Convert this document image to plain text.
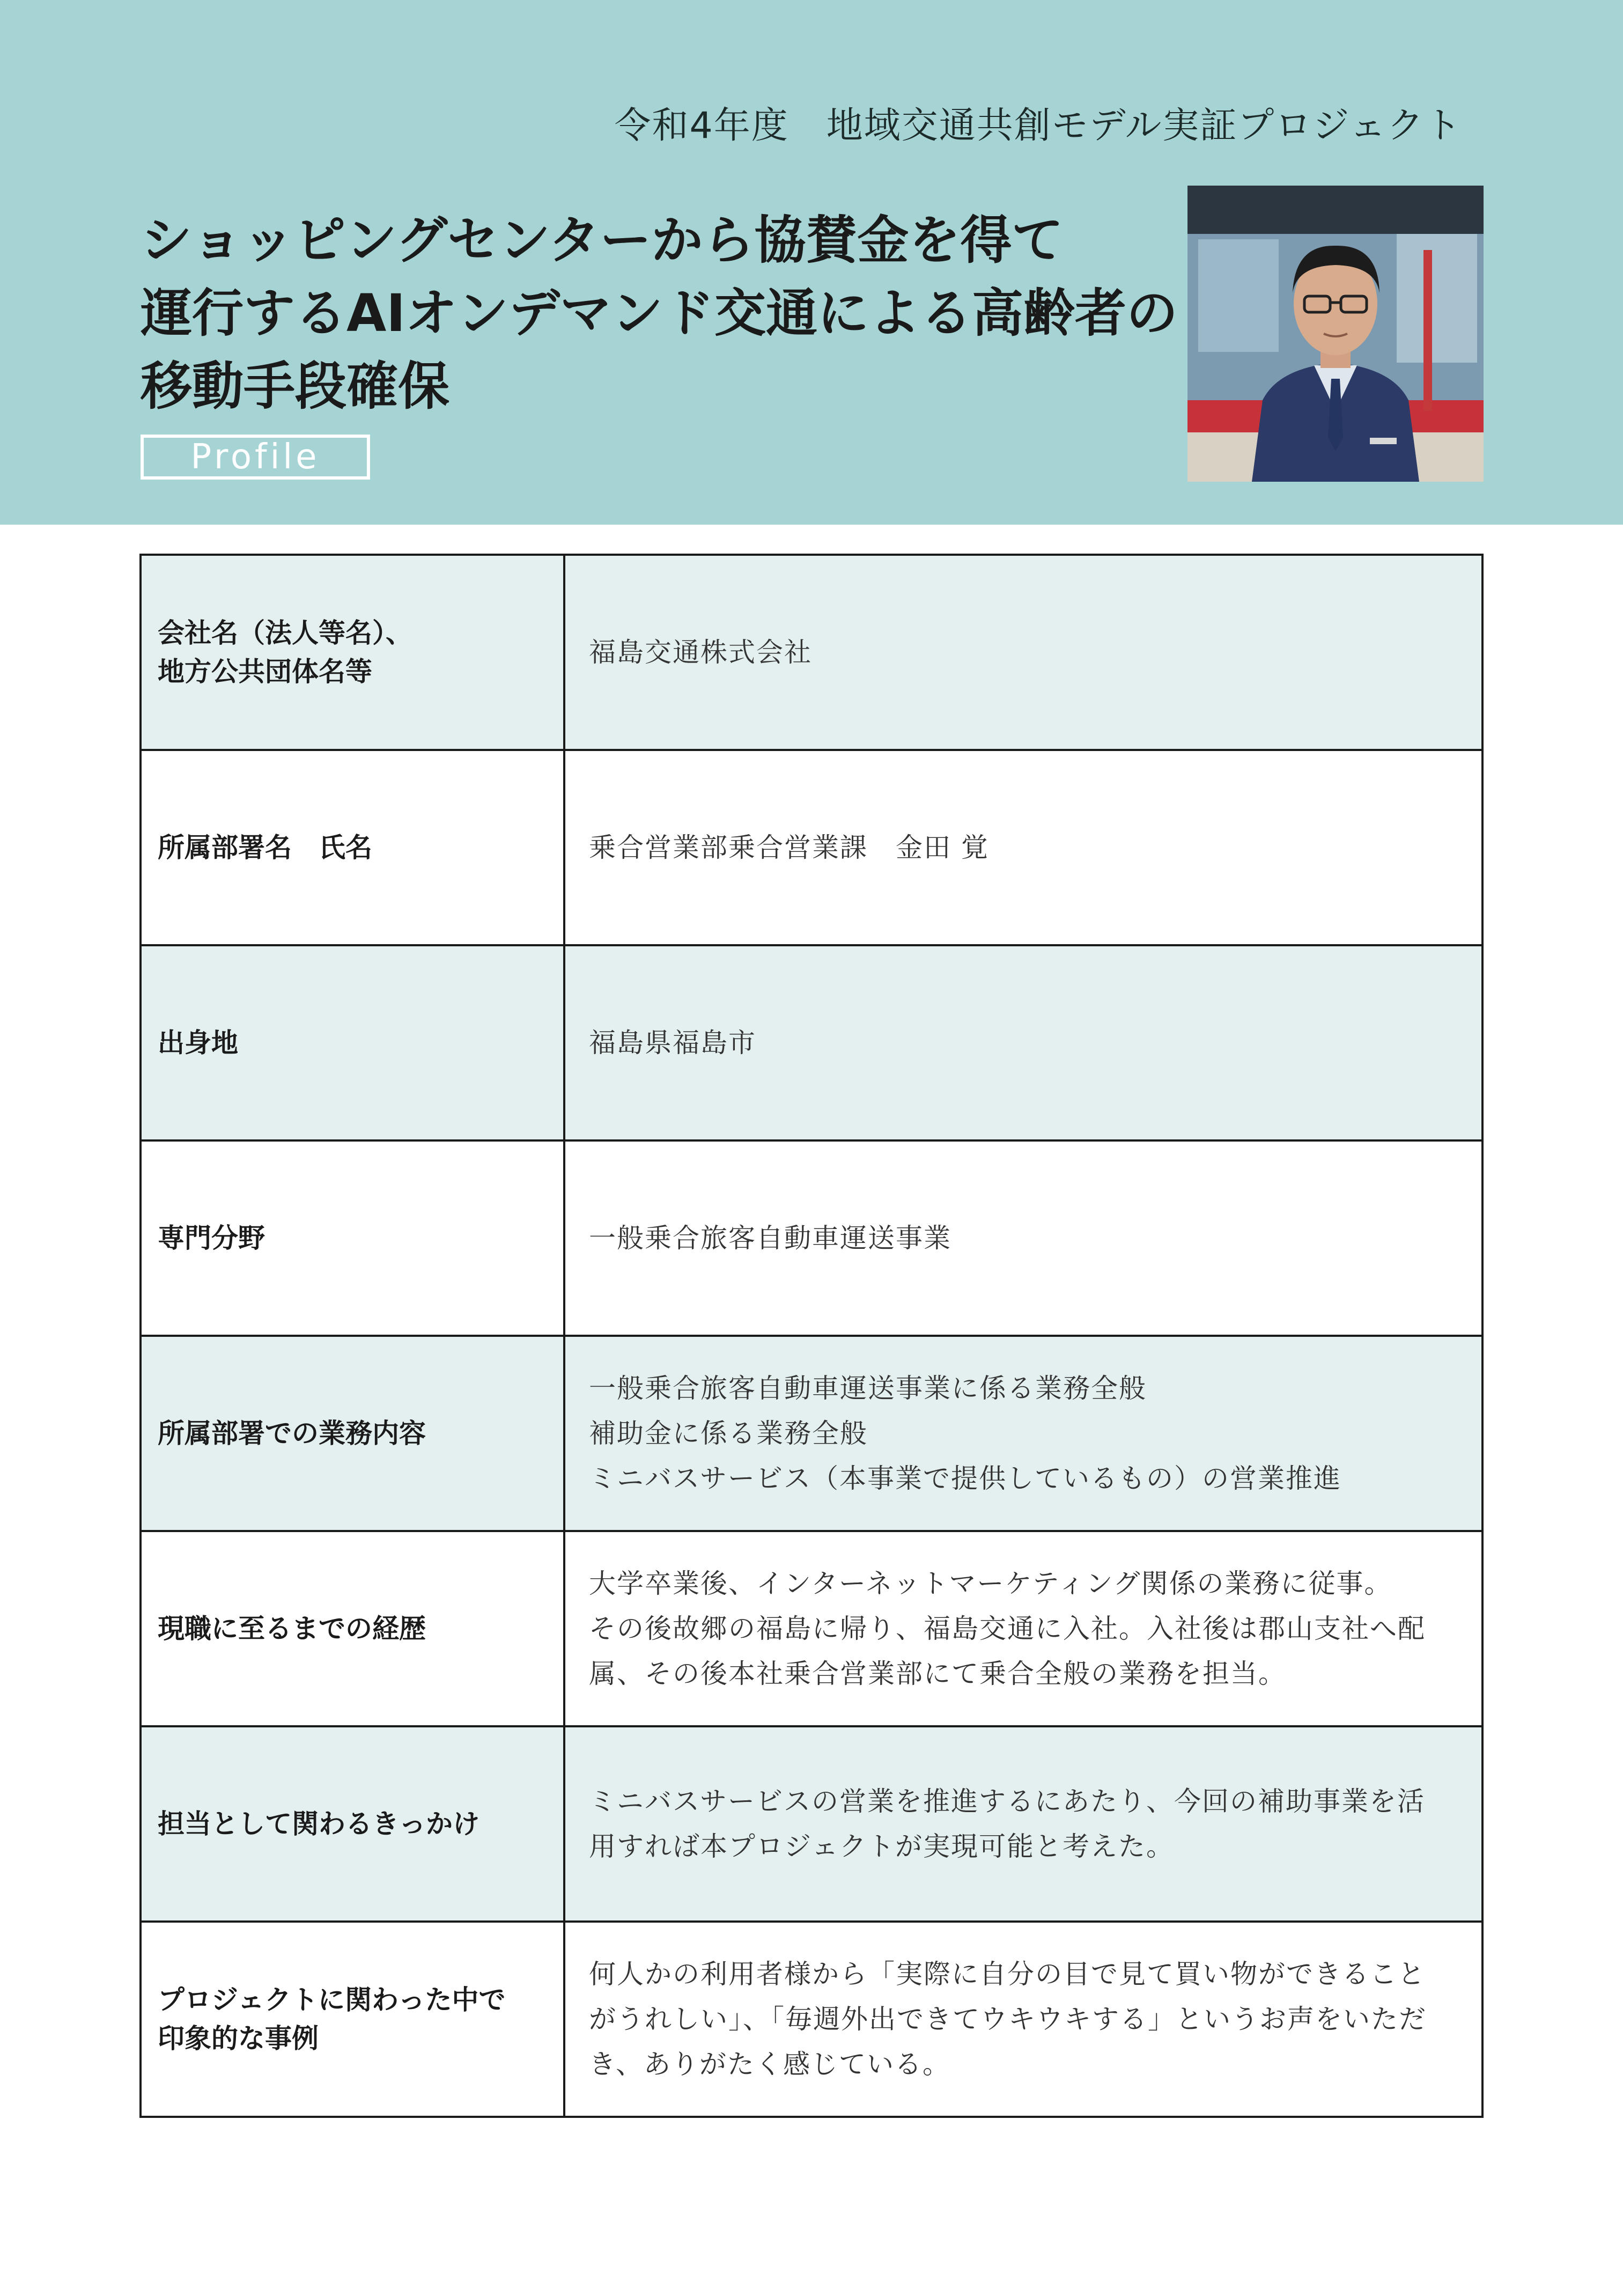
令和4年度　地域交通共創モデル実証プロジェクト
ショッピングセンターから協賛金を得て
運行するAIオンデマンド交通による高齢者の
移動手段確保
Profile
会社名（法人等名）、
地方公共団体名等	福島交通株式会社

所属部署名　氏名	乗合営業部乗合営業課　金田 覚

出身地	福島県福島市

専門分野	一般乗合旅客自動車運送事業

所属部署での業務内容	一般乗合旅客自動車運送事業に係る業務全般
補助金に係る業務全般
ミニバスサービス（本事業で提供しているもの）の営業推進

現職に至るまでの経歴	大学卒業後、インターネットマーケティング関係の業務に従事。
その後故郷の福島に帰り、福島交通に入社。入社後は郡山支社へ配
属、その後本社乗合営業部にて乗合全般の業務を担当。

担当として関わるきっかけ	ミニバスサービスの営業を推進するにあたり、今回の補助事業を活
用すれば本プロジェクトが実現可能と考えた。

プロジェクトに関わった中で
印象的な事例	何人かの利用者様から「実際に自分の目で見て買い物ができること
がうれしい」、「毎週外出できてウキウキする」というお声をいただ
き、ありがたく感じている。
